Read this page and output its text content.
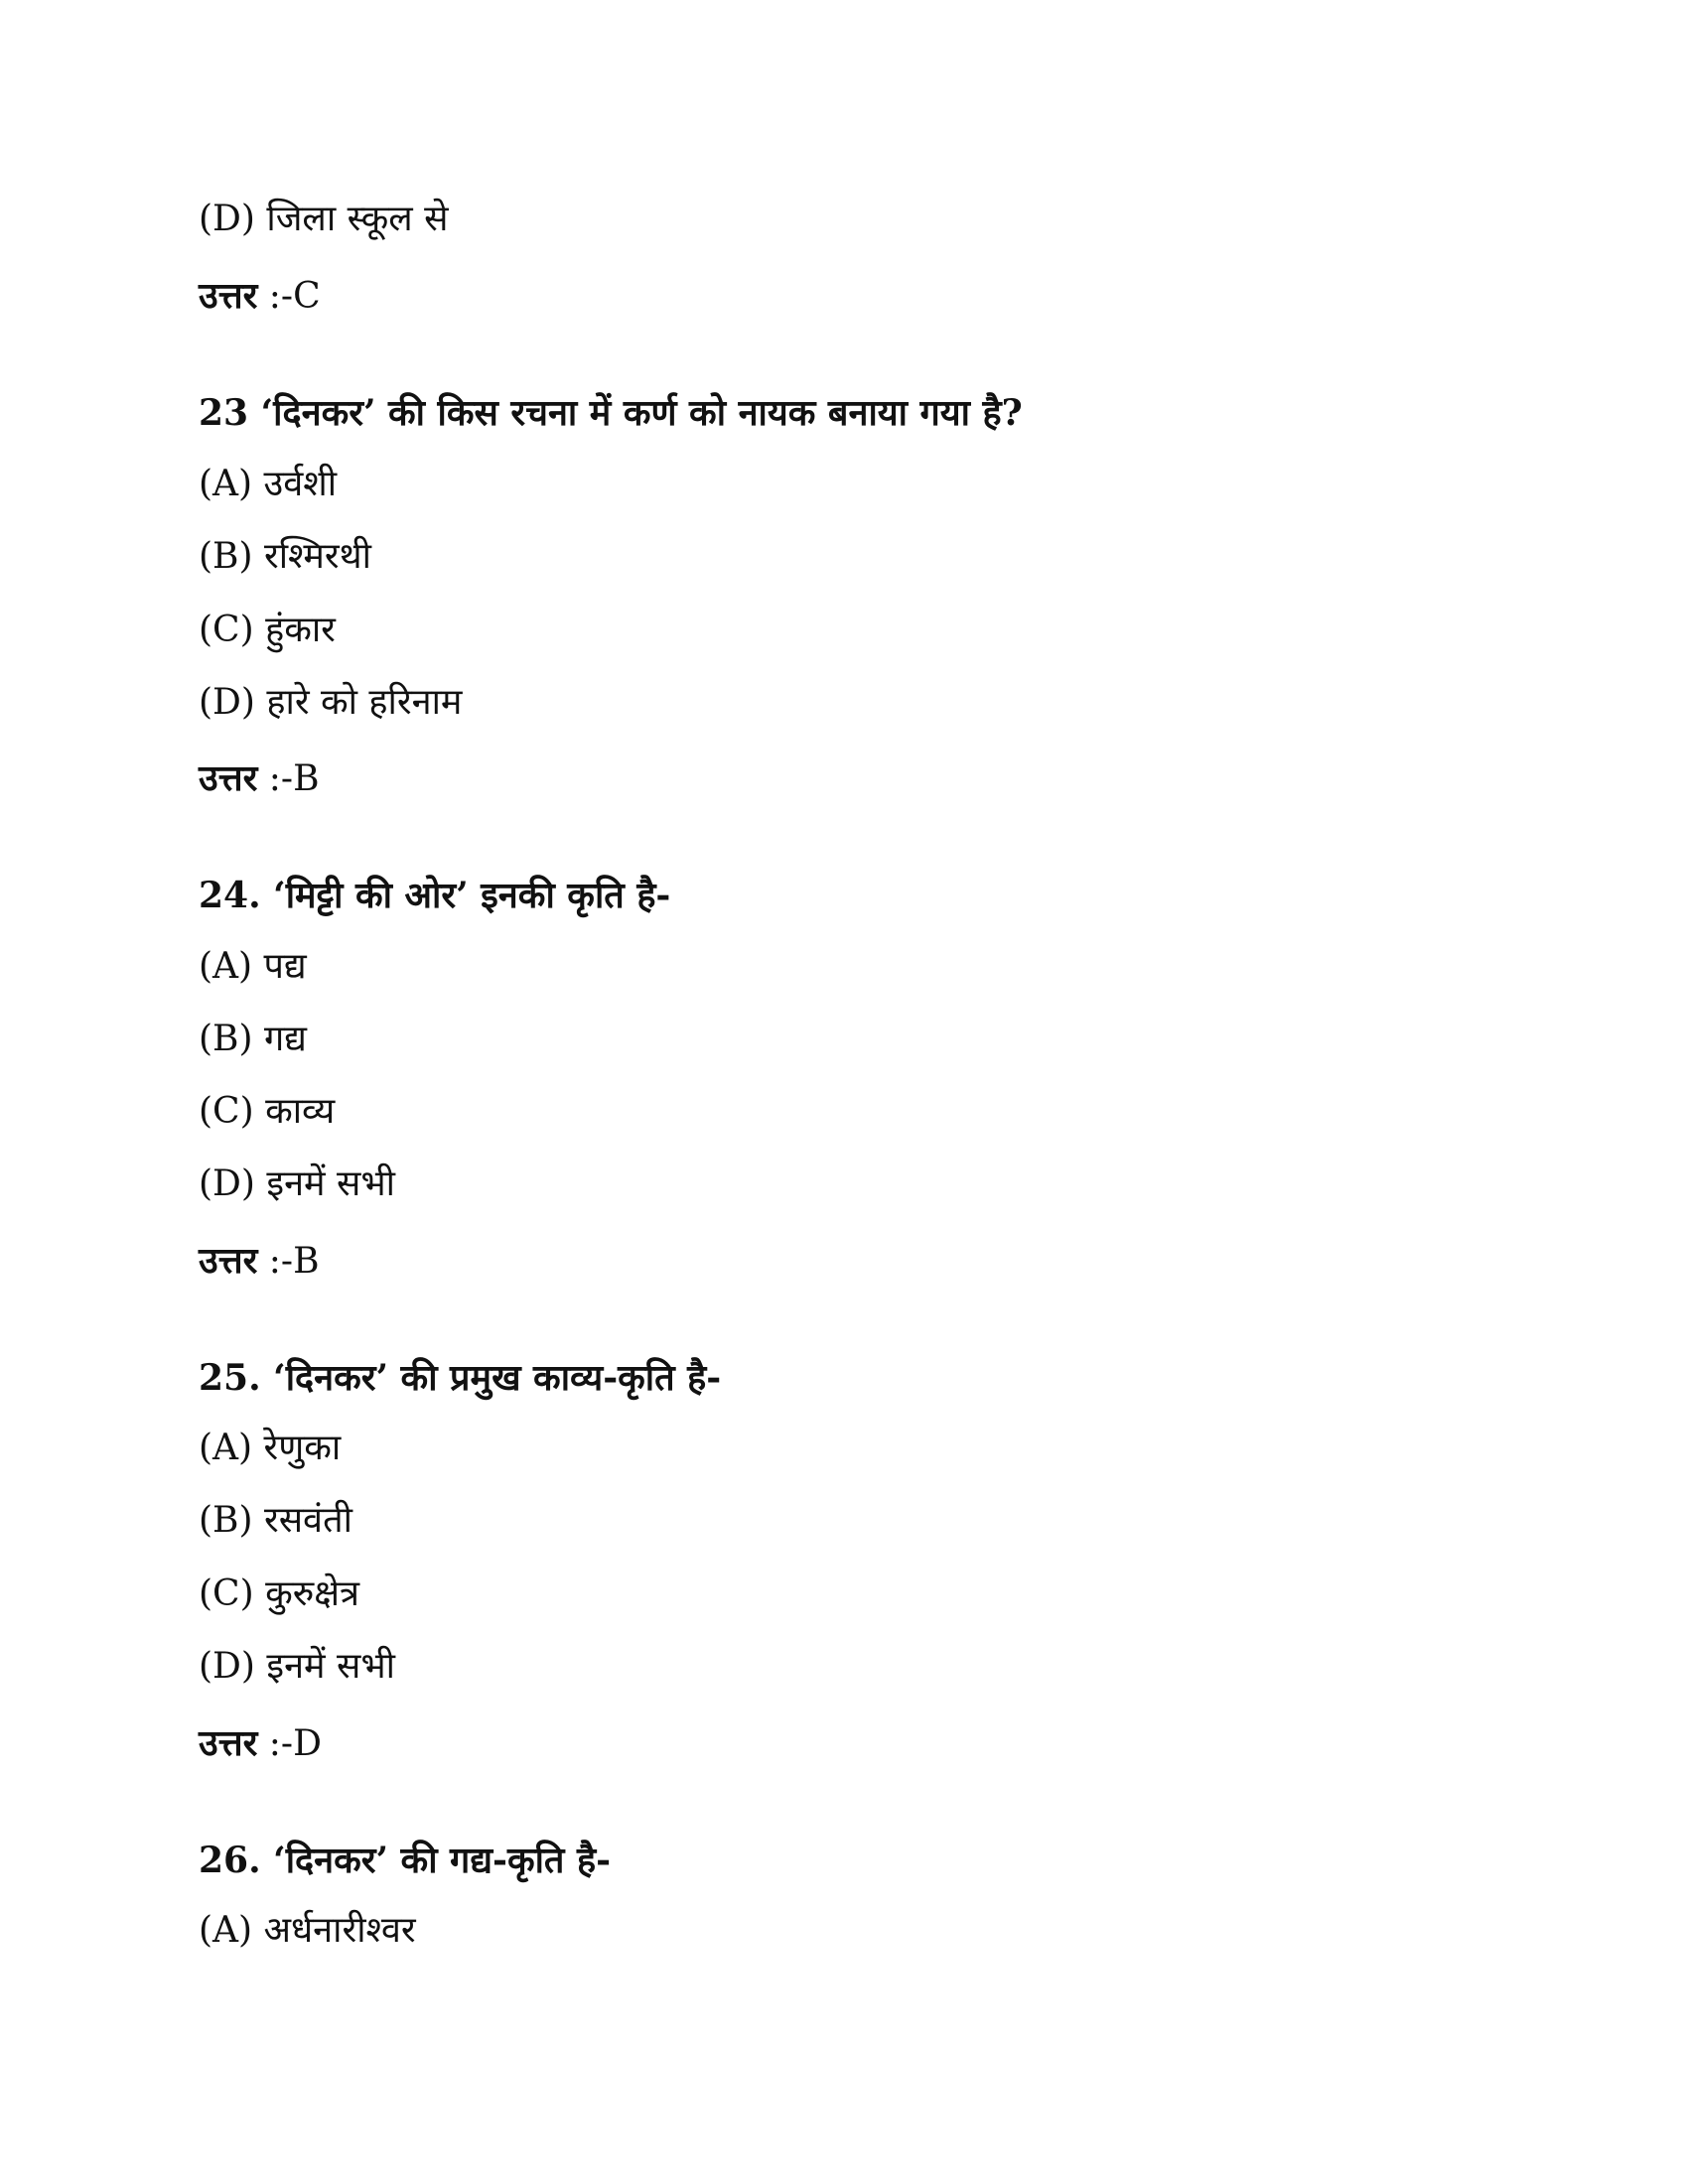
(D) जिला स्कूल से
उत्तर :-C
23 ‘दिनकर’ की किस रचना में कर्ण को नायक बनाया गया है?
(A) उर्वशी
(B) रश्मिरथी
(C) हुंकार
(D) हारे को हरिनाम
उत्तर :-B
24. ‘मिट्टी की ओर’ इनकी कृति है-
(A) पद्य
(B) गद्य
(C) काव्य
(D) इनमें सभी
उत्तर :-B
25. ‘दिनकर’ की प्रमुख काव्य-कृति है-
(A) रेणुका
(B) रसवंती
(C) कुरुक्षेत्र
(D) इनमें सभी
उत्तर :-D
26. ‘दिनकर’ की गद्य-कृति है-
(A) अर्धनारीश्वर
